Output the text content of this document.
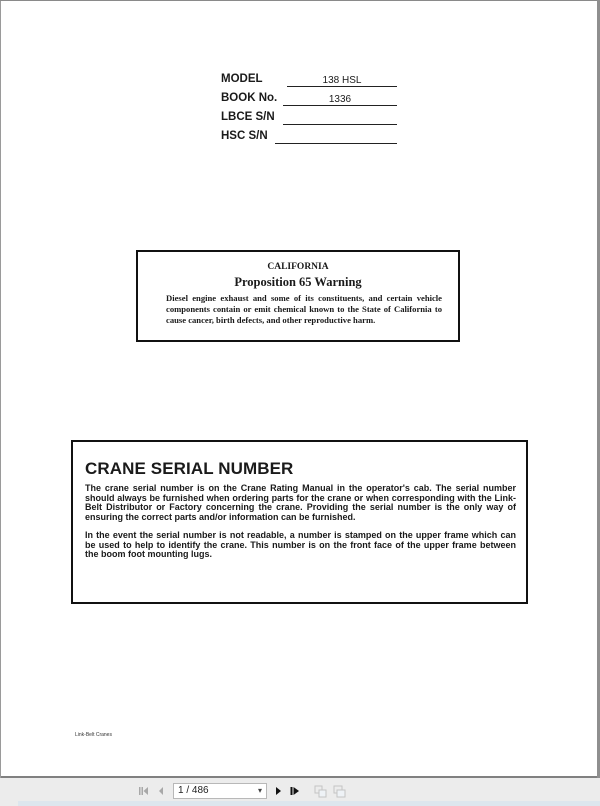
MODEL	138 HSL
BOOK No.	1336
LBCE S/N
HSC S/N
CALIFORNIA
Proposition 65 Warning
Diesel engine exhaust and some of its constituents, and certain vehicle components contain or emit chemical known to the State of California to cause cancer, birth defects, and other reproductive harm.
CRANE SERIAL NUMBER

The crane serial number is on the Crane Rating Manual in the operator's cab. The serial number should always be furnished when ordering parts for the crane or when corresponding with the Link-Belt Distributor or Factory concerning the crane. Providing the serial number is the only way of ensuring the correct parts and/or information can be furnished.

In the event the serial number is not readable, a number is stamped on the upper frame which can be used to help to identify the crane. This number is on the front face of the upper frame between the boom foot mounting lugs.

Link-Belt Cranes
1 / 486	▾
